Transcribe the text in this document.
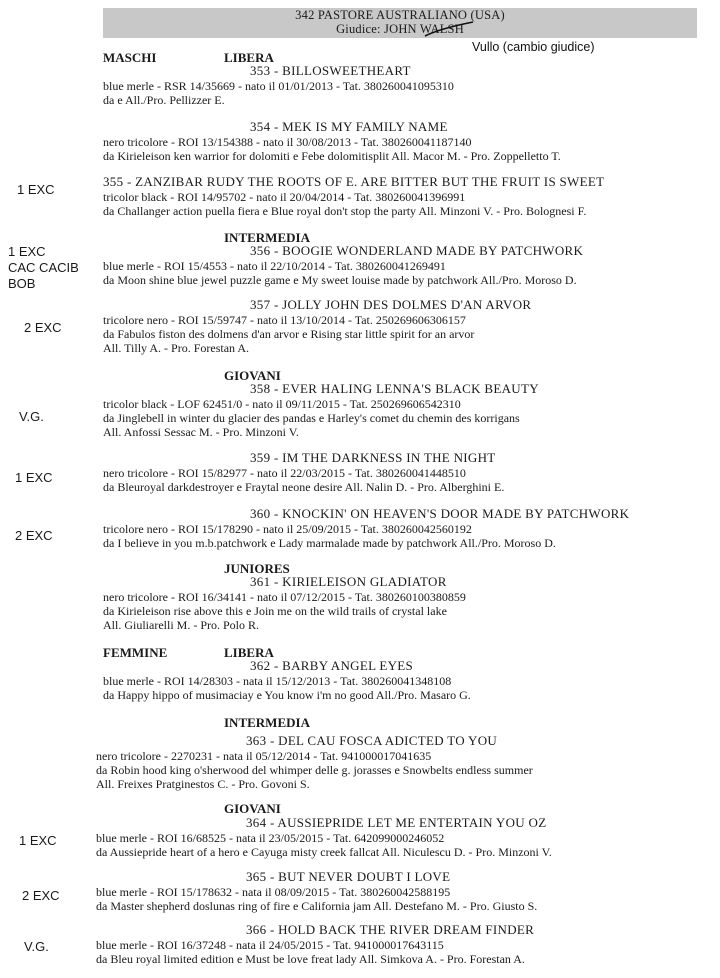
342 PASTORE AUSTRALIANO (USA)
Giudice: JOHN WALSH
Vullo (cambio giudice)
MASCHI	LIBERA
INTERMEDIA
GIOVANI
JUNIORES
FEMMINE	LIBERA
INTERMEDIA
GIOVANI
353 - BILLOSWEETHEART
blue merle - RSR 14/35669 - nato il 01/01/2013 - Tat. 380260041095310
da e All./Pro. Pellizzer E.
354 - MEK IS MY FAMILY NAME
nero tricolore - ROI 13/154388 - nato il 30/08/2013 - Tat. 380260041187140
da Kirieleison ken warrior for dolomiti e Febe dolomitisplit All. Macor M. - Pro. Zoppelletto T.
355 - ZANZIBAR RUDY THE ROOTS OF E. ARE BITTER BUT THE FRUIT IS SWEET
tricolor black - ROI 14/95702 - nato il 20/04/2014 - Tat. 380260041396991
da Challanger action puella fiera e Blue royal don't stop the party All. Minzoni V. - Pro. Bolognesi F.
356 - BOOGIE WONDERLAND MADE BY PATCHWORK
blue merle - ROI 15/4553 - nato il 22/10/2014 - Tat. 380260041269491
da Moon shine blue jewel puzzle game e My sweet louise made by patchwork All./Pro. Moroso D.
357 - JOLLY JOHN DES DOLMES D'AN ARVOR
tricolore nero - ROI 15/59747 - nato il 13/10/2014 - Tat. 250269606306157
da Fabulos fiston des dolmens d'an arvor e Rising star little spirit for an arvor
All. Tilly A. - Pro. Forestan A.
358 - EVER HALING LENNA'S BLACK BEAUTY
tricolor black - LOF 62451/0 - nato il 09/11/2015 - Tat. 250269606542310
da Jinglebell in winter du glacier des pandas e Harley's comet du chemin des korrigans
All. Anfossi Sessac M. - Pro. Minzoni V.
359 - IM THE DARKNESS IN THE NIGHT
nero tricolore - ROI 15/82977 - nato il 22/03/2015 - Tat. 380260041448510
da Bleuroyal darkdestroyer e Fraytal neone desire All. Nalin D. - Pro. Alberghini E.
360 - KNOCKIN' ON HEAVEN'S DOOR MADE BY PATCHWORK
tricolore nero - ROI 15/178290 - nato il 25/09/2015 - Tat. 380260042560192
da I believe in you m.b.patchwork e Lady marmalade made by patchwork All./Pro. Moroso D.
361 - KIRIELEISON GLADIATOR
nero tricolore - ROI 16/34141 - nato il 07/12/2015 - Tat. 380260100380859
da Kirieleison rise above this e Join me on the wild trails of crystal lake
All. Giuliarelli M. - Pro. Polo R.
362 - BARBY ANGEL EYES
blue merle - ROI 14/28303 - nata il 15/12/2013 - Tat. 380260041348108
da Happy hippo of musimaciay e You know i'm no good All./Pro. Masaro G.
363 - DEL CAU FOSCA ADICTED TO YOU
nero tricolore - 2270231 - nata il 05/12/2014 - Tat. 941000017041635
da Robin hood king o'sherwood del whimper delle g. jorasses e Snowbelts endless summer
All. Freixes Pratginestos C. - Pro. Govoni S.
364 - AUSSIEPRIDE LET ME ENTERTAIN YOU OZ
blue merle - ROI 16/68525 - nata il 23/05/2015 - Tat. 642099000246052
da Aussiepride heart of a hero e Cayuga misty creek fallcat All. Niculescu D. - Pro. Minzoni V.
365 - BUT NEVER DOUBT I LOVE
blue merle - ROI 15/178632 - nata il 08/09/2015 - Tat. 380260042588195
da Master shepherd doslunas ring of fire e California jam All. Destefano M. - Pro. Giusto S.
366 - HOLD BACK THE RIVER DREAM FINDER
blue merle - ROI 16/37248 - nata il 24/05/2015 - Tat. 941000017643115
da Bleu royal limited edition e Must be love freat lady All. Simkova A. - Pro. Forestan A.
1 EXC
1 EXC
CAC CACIB
BOB
2 EXC
V.G.
1 EXC
2 EXC
1 EXC
2 EXC
V.G.
